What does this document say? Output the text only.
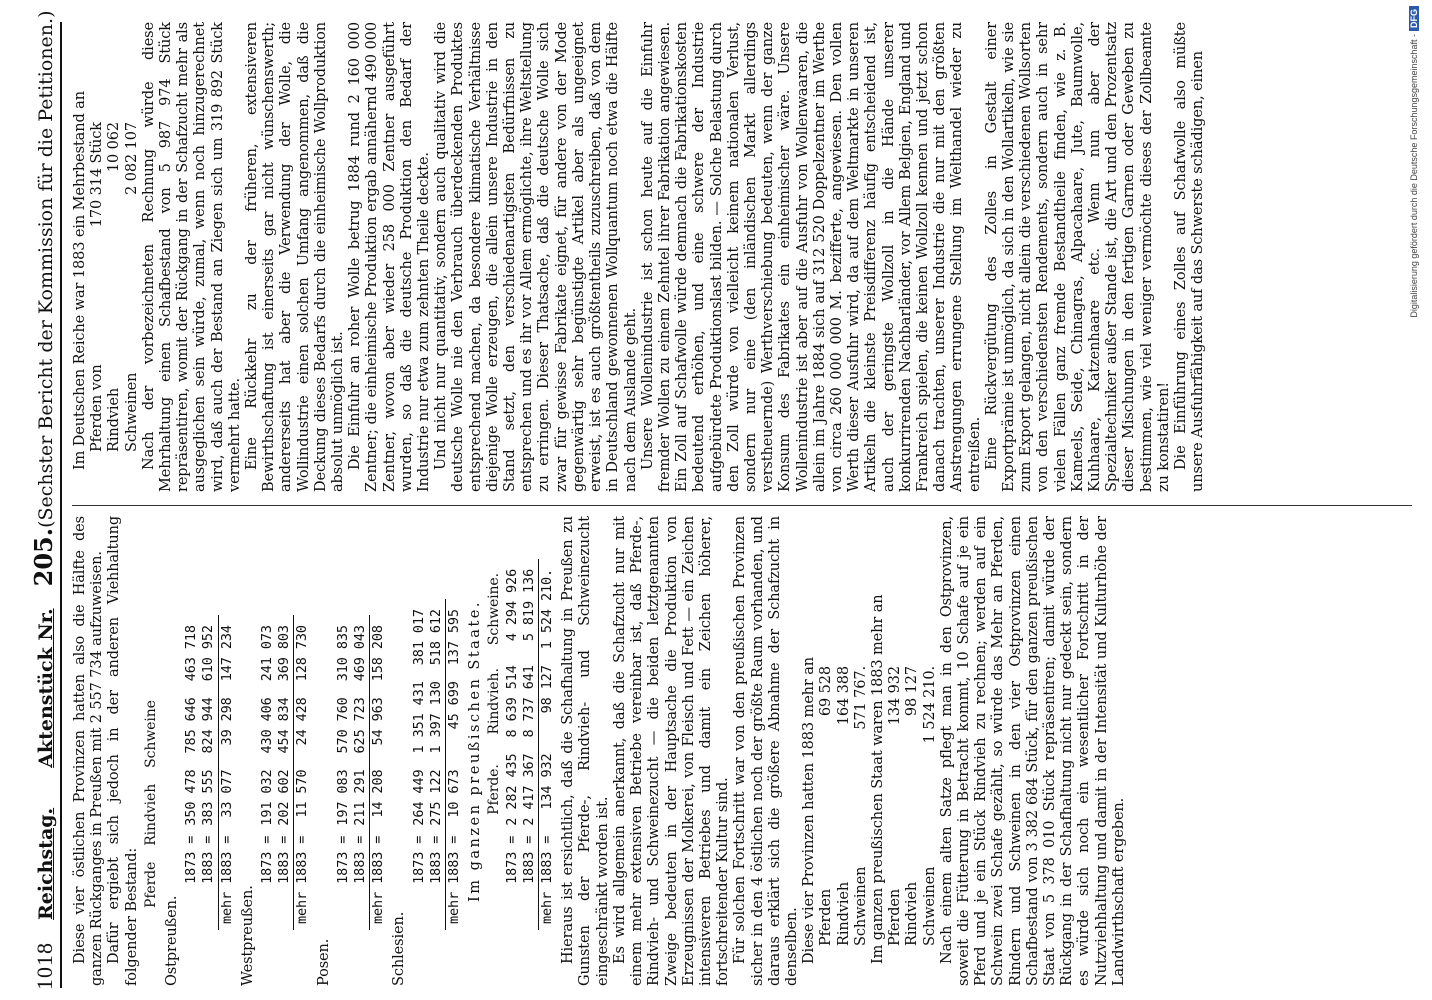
1018
Reichstag.
Aktenstück Nr.
205.
(Sechster Bericht der Kommission für die Petitionen.)

Diese vier östlichen Provinzen hatten also die Hälfte des ganzen Rückganges in Preußen mit 2 557 734 aufzuweisen. Dafür ergiebt sich jedoch in der anderen Viehhaltung folgender Bestand:

	Pferde	Rindvieh	Schweine

Ostpreußen.

1873 =	350 478	785 646	463 718
1883 =	383 555	824 944	610 952
mehr 1883 =	33 077	39 298	147 234

Westpreußen.

1873 =	191 032	430 406	241 073
1883 =	202 602	454 834	369 803
mehr 1883 =	11 570	24 428	128 730

Posen.

1873 =	197 083	570 760	310 835
1883 =	211 291	625 723	469 043
mehr 1883 =	14 208	54 963	158 208

Schlesien.

1873 =	264 449	1 351 431	381 017
1883 =	275 122	1 397 130	518 612
mehr 1883 =	10 673	45 699	137 595 Im ganzen preußischen Staate.

	Pferde.	Rindvieh.	Schweine.
1873 =	2 282 435	8 639 514	4 294 926
1883 =	2 417 367	8 737 641	5 819 136
mehr 1883 =	134 932	98 127	1 524 210. Hieraus ist ersichtlich, daß die Schafhaltung in Preußen zu Gunsten der Pferde-, Rindvieh- und Schweinezucht eingeschränkt worden ist. Es wird allgemein anerkannt, daß die Schafzucht nur mit einem mehr extensiven Betriebe vereinbar ist, daß Pferde-, Rindvieh- und Schweinezucht — die beiden letztgenannten Zweige bedeuten in der Hauptsache die Produktion von Erzeugnissen der Molkerei, von Fleisch und Fett — ein Zeichen intensiveren Betriebes und damit ein Zeichen höherer, fortschreitender Kultur sind. Für solchen Fortschritt war von den preußischen Provinzen sicher in den 4 östlichen noch der größte Raum vorhanden, und daraus erklärt sich die größere Abnahme der Schafzucht in denselben. Diese vier Provinzen hatten 1883 mehr an Pferden
69 528
Rindvieh
164 388
Schweinen
571 767. Im ganzen preußischen Staat waren 1883 mehr an Pferden
134 932
Rindvieh
98 127
Schweinen
1 524 210. Nach einem alten Satze pflegt man in den Ostprovinzen, soweit die Fütterung in Betracht kommt, 10 Schafe auf je ein Pferd und je ein Stück Rindvieh zu rechnen; werden auf ein Schwein zwei Schafe gezählt, so würde das Mehr an Pferden, Rindern und Schweinen in den vier Ostprovinzen einen Schafbestand von 3 382 684 Stück, für den ganzen preußischen Staat von 5 378 010 Stück repräsentiren; damit würde der Rückgang in der Schafhaltung nicht nur gedeckt sein, sondern es würde sich noch ein wesentlicher Fortschritt in der Nutzviehhaltung und damit in der Intensität und Kulturhöhe der Landwirthschaft ergeben.

Im Deutschen Reiche war 1883 ein Mehrbestand an Pferden von
170 314 Stück
Rindvieh
10 062
Schweinen
2 082 107 Nach der vorbezeichneten Rechnung würde diese Mehrhaltung einen Schafbestand von 5 987 974 Stück repräsentiren, womit der Rückgang in der Schafzucht mehr als ausgeglichen sein würde, zumal, wenn noch hinzugerechnet wird, daß auch der Bestand an Ziegen sich um 319 892 Stück vermehrt hatte. Eine Rückkehr zu der früheren, extensiveren Bewirthschaftung ist einerseits gar nicht wünschenswerth; andererseits hat aber die Verwendung der Wolle, die Wollindustrie einen solchen Umfang angenommen, daß die Deckung dieses Bedarfs durch die einheimische Wollproduktion absolut unmöglich ist. Die Einfuhr an roher Wolle betrug 1884 rund 2 160 000 Zentner; die einheimische Produktion ergab annähernd 490 000 Zentner, wovon aber wieder 258 000 Zentner ausgeführt wurden, so daß die deutsche Produktion den Bedarf der Industrie nur etwa zum zehnten Theile deckte. Und nicht nur quantitativ, sondern auch qualitativ wird die deutsche Wolle nie den Verbrauch überdeckenden Produktes entsprechend machen, da besondere klimatische Verhältnisse diejenige Wolle erzeugen, die allein unsere Industrie in den Stand setzt, den verschiedenartigsten Bedürfnissen zu entsprechen und es ihr vor Allem ermöglichte, ihre Weltstellung zu erringen. Dieser Thatsache, daß die deutsche Wolle sich zwar für gewisse Fabrikate eignet, für andere von der Mode gegenwärtig sehr begünstigte Artikel aber als ungeeignet erweist, ist es auch größtentheils zuzuschreiben, daß von dem in Deutschland gewonnenen Wollquantum noch etwa die Hälfte nach dem Auslande geht. Unsere Wollenindustrie ist schon heute auf die Einfuhr fremder Wollen zu einem Zehntel ihrer Fabrikation angewiesen. Ein Zoll auf Schafwolle würde demnach die Fabrikationskosten bedeutend erhöhen, und eine schwere der Industrie aufgebürdete Produktionslast bilden. — Solche Belastung durch den Zoll würde von vielleicht keinem nationalen Verlust, sondern nur eine (den inländischen Markt allerdings verstheuernde) Werthverschiebung bedeuten, wenn der ganze Konsum des Fabrikates ein einheimischer wäre. Unsere Wollenindustrie ist aber auf die Ausfuhr von Wollenwaaren, die allein im Jahre 1884 sich auf 312 520 Doppelzentner im Werthe von circa 260 000 000 M. bezifferte, angewiesen. Den vollen Werth dieser Ausfuhr wird, da auf dem Weltmarkte in unseren Artikeln die kleinste Preisdifferenz häufig entscheidend ist, auch der geringste Wollzoll in die Hände unserer konkurrirenden Nachbarländer, vor Allem Belgien, England und Frankreich spielen, die keinen Wollzoll kennen und jetzt schon danach trachten, unserer Industrie die nur mit den größten Anstrengungen errungene Stellung im Welthandel wieder zu entreißen. Eine Rückvergütung des Zolles in Gestalt einer Exportprämie ist unmöglich, da sich in den Wollartikeln, wie sie zum Export gelangen, nicht allein die verschiedenen Wollsorten von den verschiedensten Rendements, sondern auch in sehr vielen Fällen ganz fremde Bestandtheile finden, wie z. B. Kameels, Seide, Chinagras, Alpacahaare, Jute, Baumwolle, Kuhhaare, Katzenhaare etc. Wenn nun aber der Spezialtechniker außer Stande ist, die Art und den Prozentsatz dieser Mischungen in den fertigen Garnen oder Geweben zu bestimmen, wie viel weniger vermöchte dieses der Zollbeamte zu konstatiren! Die Einführung eines Zolles auf Schafwolle also müßte unsere Ausfuhrfähigkeit auf das Schwerste schädigen, einen	Digitalisierung gefördert durch die Deutsche Forschungsgemeinschaft -
DFG
